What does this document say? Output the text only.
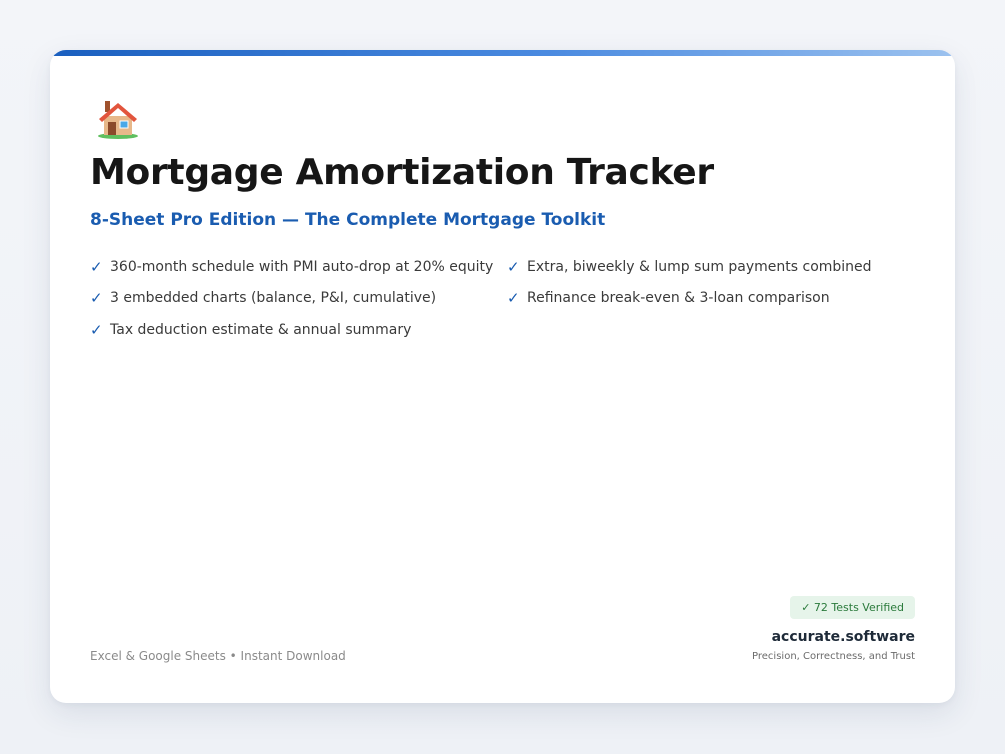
Mortgage Amortization Tracker
8-Sheet Pro Edition — The Complete Mortgage Toolkit
✓ 360-month schedule with PMI auto-drop at 20% equity
✓ 3 embedded charts (balance, P&I, cumulative)
✓ Tax deduction estimate & annual summary
✓ Extra, biweekly & lump sum payments combined
✓ Refinance break-even & 3-loan comparison
Excel & Google Sheets • Instant Download
✓ 72 Tests Verified
accurate.software
Precision, Correctness, and Trust
